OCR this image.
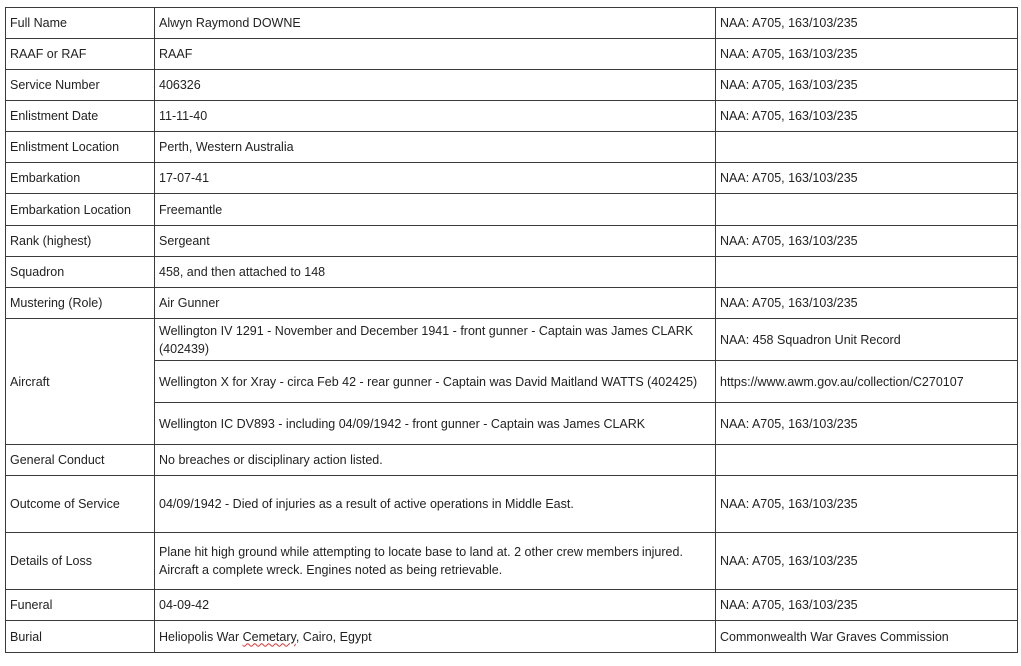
Full Name	Alwyn Raymond DOWNE	NAA: A705, 163/103/235
RAAF or RAF	RAAF	NAA: A705, 163/103/235
Service Number	406326	NAA: A705, 163/103/235
Enlistment Date	11-11-40	NAA: A705, 163/103/235
Enlistment Location	Perth, Western Australia	
Embarkation	17-07-41	NAA: A705, 163/103/235
Embarkation Location	Freemantle	
Rank (highest)	Sergeant	NAA: A705, 163/103/235
Squadron	458, and then attached to 148	
Mustering (Role)	Air Gunner	NAA: A705, 163/103/235
Aircraft	Wellington IV 1291 - November and December 1941 - front gunner - Captain was James CLARK (402439)	NAA: 458 Squadron Unit Record
	Wellington X for Xray - circa Feb 42 - rear gunner - Captain was David Maitland WATTS (402425)	https://www.awm.gov.au/collection/C270107
	Wellington IC DV893 - including 04/09/1942 - front gunner - Captain was James CLARK	NAA: A705, 163/103/235
General Conduct	No breaches or disciplinary action listed.	
Outcome of Service	04/09/1942 - Died of injuries as a result of active operations in Middle East.	NAA: A705, 163/103/235
Details of Loss	Plane hit high ground while attempting to locate base to land at. 2 other crew members injured.
Aircraft a complete wreck. Engines noted as being retrievable.	NAA: A705, 163/103/235
Funeral	04-09-42	NAA: A705, 163/103/235
Burial	Heliopolis War Cemetary, Cairo, Egypt	Commonwealth War Graves Commission
